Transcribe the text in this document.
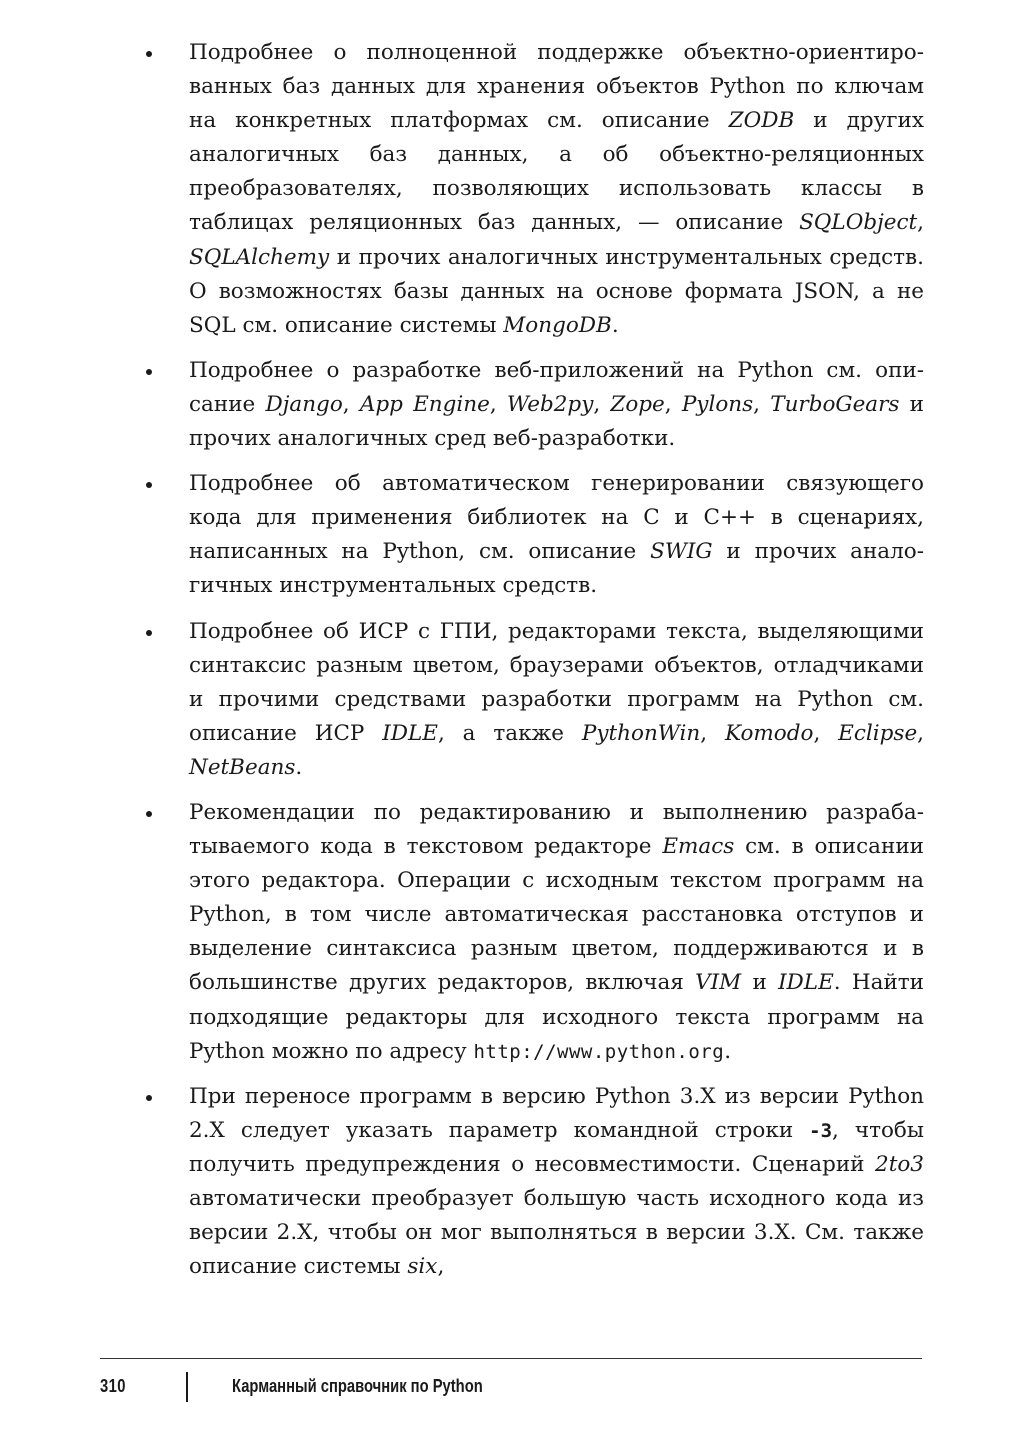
Подробнее о полноценной поддержке объектно-ориентированных баз данных для хранения объектов Python по ключам на конкретных платформах см. описание ZODB и других аналогичных баз данных, а об объектно-реляционных преобразователях, позволяющих использовать классы в таблицах реляционных баз данных, — описание SQLObject, SQLAlchemy и прочих аналогичных инструментальных средств. О возможностях базы данных на основе формата JSON, а не SQL см. описание системы MongoDB.
Подробнее о разработке веб-приложений на Python см. описание Django, App Engine, Web2py, Zope, Pylons, TurboGears и прочих аналогичных сред веб-разработки.
Подробнее об автоматическом генерировании связующего кода для применения библиотек на C и C++ в сценариях, написанных на Python, см. описание SWIG и прочих аналогичных инструментальных средств.
Подробнее об ИСР с ГПИ, редакторами текста, выделяющими синтаксис разным цветом, браузерами объектов, отладчиками и прочими средствами разработки программ на Python см. описание ИСР IDLE, а также PythonWin, Komodo, Eclipse, NetBeans.
Рекомендации по редактированию и выполнению разрабатываемого кода в текстовом редакторе Emacs см. в описании этого редактора. Операции с исходным текстом программ на Python, в том числе автоматическая расстановка отступов и выделение синтаксиса разным цветом, поддерживаются и в большинстве других редакторов, включая VIM и IDLE. Найти подходящие редакторы для исходного текста программ на Python можно по адресу http://www.python.org.
При переносе программ в версию Python 3.X из версии Python 2.X следует указать параметр командной строки -3, чтобы получить предупреждения о несовместимости. Сценарий 2to3 автоматически преобразует большую часть исходного кода из версии 2.X, чтобы он мог выполняться в версии 3.X. См. также описание системы six,
310	Карманный справочник по Python
